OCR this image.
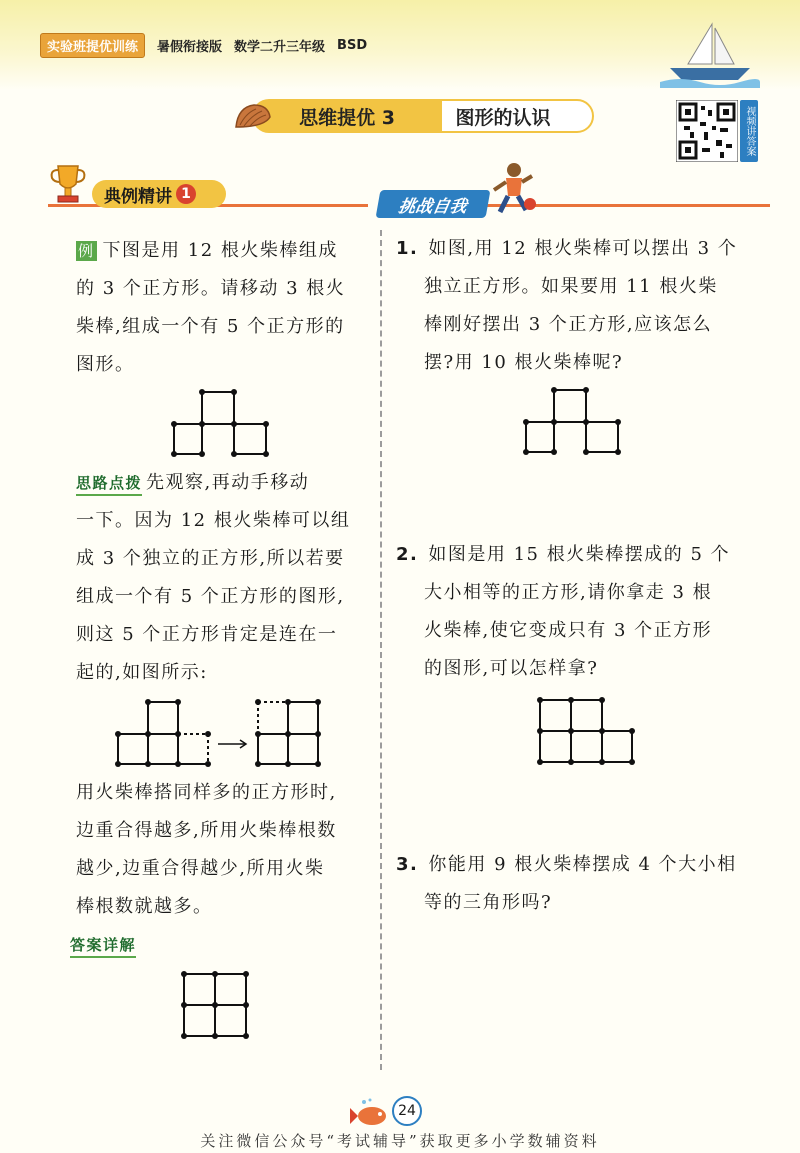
实验班提优训练	暑假衔接版 数学二升三年级 BSD
图形的认识
思维提优 3	视频讲答案
典例精讲 1
挑战自我
例 下图是用 12 根火柴棒组成
的 3 个正方形。请移动 3 根火
柴棒,组成一个有 5 个正方形的
图形。
思路点拨 先观察,再动手移动
一下。因为 12 根火柴棒可以组
成 3 个独立的正方形,所以若要
组成一个有 5 个正方形的图形,
则这 5 个正方形肯定是连在一
起的,如图所示:
用火柴棒搭同样多的正方形时,
边重合得越多,所用火柴棒根数
越少,边重合得越少,所用火柴
棒根数就越多。
答案详解
1. 如图,用 12 根火柴棒可以摆出 3 个
独立正方形。如果要用 11 根火柴
棒刚好摆出 3 个正方形,应该怎么
摆?用 10 根火柴棒呢?
2. 如图是用 15 根火柴棒摆成的 5 个
大小相等的正方形,请你拿走 3 根
火柴棒,使它变成只有 3 个正方形
的图形,可以怎样拿?
3. 你能用 9 根火柴棒摆成 4 个大小相
等的三角形吗?
24
关注微信公众号“考试辅导”获取更多小学数辅资料
